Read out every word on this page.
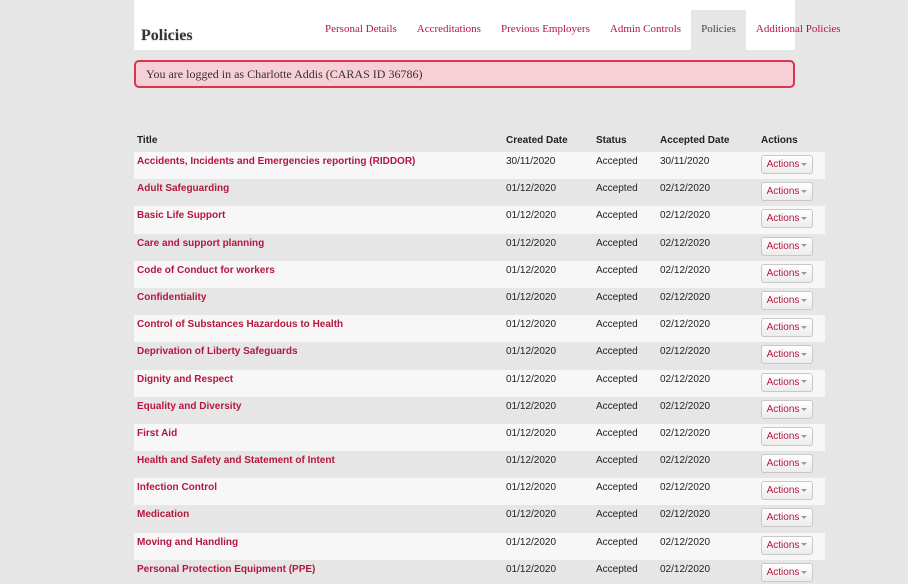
Policies	Personal Details	Accreditations	Previous Employers	Admin Controls	Policies	Additional Policies
You are logged in as Charlotte Addis (CARAS ID 36786)
Title	Created Date	Status	Accepted Date	Actions

Accidents, Incidents and Emergencies reporting (RIDDOR)	30/11/2020	Accepted	30/11/2020	Actions

Adult Safeguarding	01/12/2020	Accepted	02/12/2020	Actions

Basic Life Support	01/12/2020	Accepted	02/12/2020	Actions

Care and support planning	01/12/2020	Accepted	02/12/2020	Actions

Code of Conduct for workers	01/12/2020	Accepted	02/12/2020	Actions

Confidentiality	01/12/2020	Accepted	02/12/2020	Actions

Control of Substances Hazardous to Health	01/12/2020	Accepted	02/12/2020	Actions

Deprivation of Liberty Safeguards	01/12/2020	Accepted	02/12/2020	Actions

Dignity and Respect	01/12/2020	Accepted	02/12/2020	Actions

Equality and Diversity	01/12/2020	Accepted	02/12/2020	Actions

First Aid	01/12/2020	Accepted	02/12/2020	Actions

Health and Safety and Statement of Intent	01/12/2020	Accepted	02/12/2020	Actions

Infection Control	01/12/2020	Accepted	02/12/2020	Actions

Medication	01/12/2020	Accepted	02/12/2020	Actions

Moving and Handling	01/12/2020	Accepted	02/12/2020	Actions

Personal Protection Equipment (PPE)	01/12/2020	Accepted	02/12/2020	Actions
